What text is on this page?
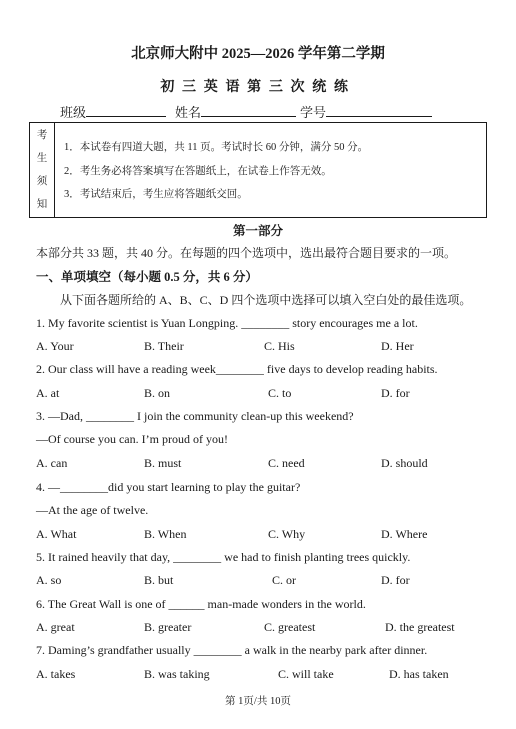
北京师大附中 2025—2026 学年第二学期
初三英语第三次统练
班级	姓名	学号
考
生
须
知
1．本试卷有四道大题，共 11 页。考试时长 60 分钟，满分 50 分。
2．考生务必将答案填写在答题纸上，在试卷上作答无效。
3．考试结束后，考生应将答题纸交回。
第一部分
本部分共 33 题，共 40 分。在每题的四个选项中，选出最符合题目要求的一项。
一、单项填空（每小题 0.5 分，共 6 分）
从下面各题所给的 A、B、C、D 四个选项中选择可以填入空白处的最佳选项。
1. My favorite scientist is Yuan Longping. ________ story encourages me a lot.
A. Your	B. Their	C. His	D. Her
2. Our class will have a reading week________ five days to develop reading habits.
A. at	B. on	C. to	D. for
3. —Dad, ________ I join the community clean-up this weekend?
—Of course you can. I’m proud of you!
A. can	B. must	C. need	D. should
4. —________did you start learning to play the guitar?
—At the age of twelve.
A. What	B. When	C. Why	D. Where
5. It rained heavily that day, ________ we had to finish planting trees quickly.
A. so	B. but	C. or	D. for
6. The Great Wall is one of ______ man-made wonders in the world.
A. great	B. greater	C. greatest	D. the greatest
7. Daming’s grandfather usually ________ a walk in the nearby park after dinner.
A. takes	B. was taking	C. will take	D. has taken
第 1页/共 10页
